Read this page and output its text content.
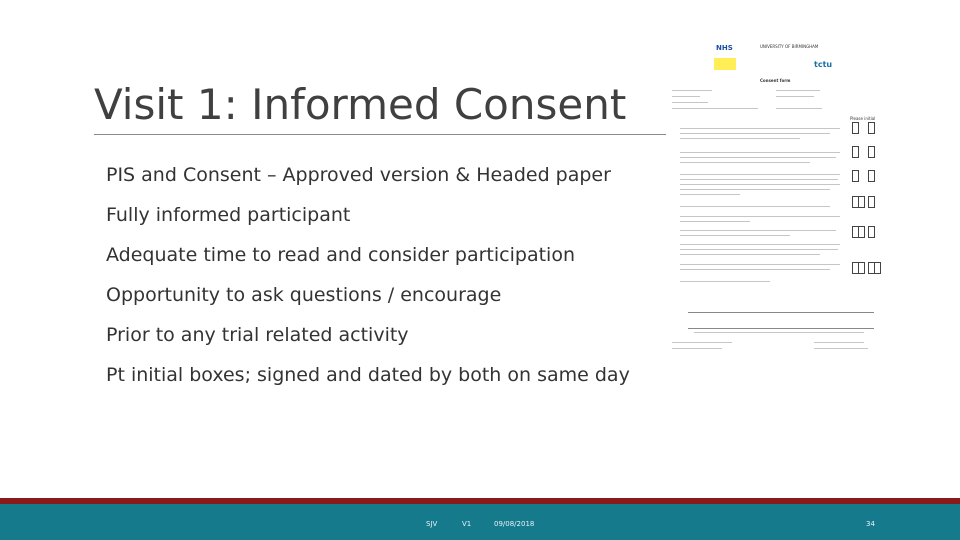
Visit 1: Informed Consent
PIS and Consent – Approved version & Headed paper
Fully informed participant
Adequate time to read and consider participation
Opportunity to ask questions / encourage
Prior to any trial related activity
Pt initial boxes; signed and dated by both on same day
NHS	UNIVERSITY OF BIRMINGHAM
tctu
Consent form
Please initial
SJV	V1	09/08/2018	34
